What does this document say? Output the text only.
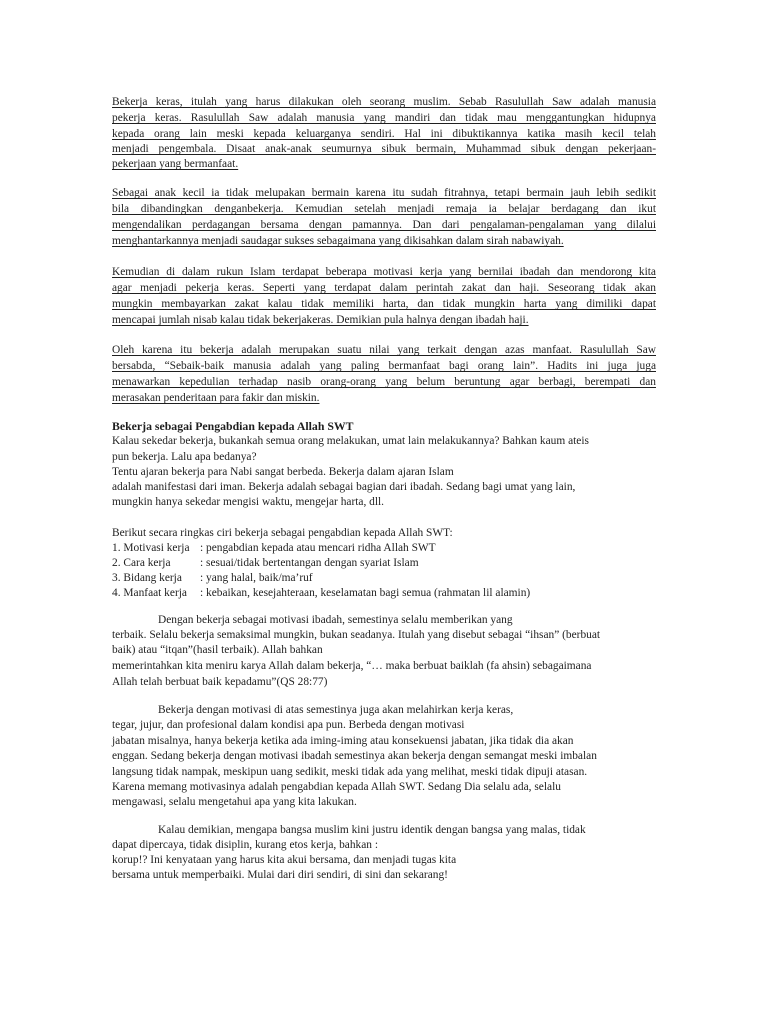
Bekerja keras, itulah yang harus dilakukan oleh seorang muslim. Sebab Rasulullah Saw adalah manusia
pekerja keras. Rasulullah Saw adalah manusia yang mandiri dan tidak mau menggantungkan hidupnya
kepada orang lain meski kepada keluarganya sendiri. Hal ini dibuktikannya katika masih kecil telah
menjadi pengembala. Disaat anak-anak seumurnya sibuk bermain, Muhammad sibuk dengan pekerjaan-
pekerjaan yang bermanfaat.
Sebagai anak kecil ia tidak melupakan bermain karena itu sudah fitrahnya, tetapi bermain jauh lebih sedikit
bila dibandingkan denganbekerja. Kemudian setelah menjadi remaja ia belajar berdagang dan ikut
mengendalikan perdagangan bersama dengan pamannya. Dan dari pengalaman-pengalaman yang dilalui
menghantarkannya menjadi saudagar sukses sebagaimana yang dikisahkan dalam sirah nabawiyah.
Kemudian di dalam rukun Islam terdapat beberapa motivasi kerja yang bernilai ibadah dan mendorong kita
agar menjadi pekerja keras. Seperti yang terdapat dalam perintah zakat dan haji. Seseorang tidak akan
mungkin membayarkan zakat kalau tidak memiliki harta, dan tidak mungkin harta yang dimiliki dapat
mencapai jumlah nisab kalau tidak bekerjakeras. Demikian pula halnya dengan ibadah haji.
Oleh karena itu bekerja adalah merupakan suatu nilai yang terkait dengan azas manfaat. Rasulullah Saw
bersabda, “Sebaik-baik manusia adalah yang paling bermanfaat bagi orang lain”. Hadits ini juga juga
menawarkan kepedulian terhadap nasib orang-orang yang belum beruntung agar berbagi, berempati dan
merasakan penderitaan para fakir dan miskin.
Bekerja sebagai Pengabdian kepada Allah SWT
Kalau sekedar bekerja, bukankah semua orang melakukan, umat lain melakukannya? Bahkan kaum ateis
pun bekerja. Lalu apa bedanya?
Tentu ajaran bekerja para Nabi sangat berbeda. Bekerja dalam ajaran Islam
adalah manifestasi dari iman. Bekerja adalah sebagai bagian dari ibadah. Sedang bagi umat yang lain,
mungkin hanya sekedar mengisi waktu, mengejar harta, dll.
Berikut secara ringkas ciri bekerja sebagai pengabdian kepada Allah SWT:
1. Motivasi kerja : pengabdian kepada atau mencari ridha Allah SWT
2. Cara kerja	: sesuai/tidak bertentangan dengan syariat Islam
3. Bidang kerja : yang halal, baik/ma’ruf
4. Manfaat kerja : kebaikan, kesejahteraan, keselamatan bagi semua (rahmatan lil alamin)
Dengan bekerja sebagai motivasi ibadah, semestinya selalu memberikan yang
terbaik. Selalu bekerja semaksimal mungkin, bukan seadanya. Itulah yang disebut sebagai “ihsan” (berbuat
baik) atau “itqan”(hasil terbaik). Allah bahkan
memerintahkan kita meniru karya Allah dalam bekerja, “… maka berbuat baiklah (fa ahsin) sebagaimana
Allah telah berbuat baik kepadamu”(QS 28:77)
Bekerja dengan motivasi di atas semestinya juga akan melahirkan kerja keras,
tegar, jujur, dan profesional dalam kondisi apa pun. Berbeda dengan motivasi
jabatan misalnya, hanya bekerja ketika ada iming-iming atau konsekuensi jabatan, jika tidak dia akan
enggan. Sedang bekerja dengan motivasi ibadah semestinya akan bekerja dengan semangat meski imbalan
langsung tidak nampak, meskipun uang sedikit, meski tidak ada yang melihat, meski tidak dipuji atasan.
Karena memang motivasinya adalah pengabdian kepada Allah SWT. Sedang Dia selalu ada, selalu
mengawasi, selalu mengetahui apa yang kita lakukan.
Kalau demikian, mengapa bangsa muslim kini justru identik dengan bangsa yang malas, tidak
dapat dipercaya, tidak disiplin, kurang etos kerja, bahkan :
korup!? Ini kenyataan yang harus kita akui bersama, dan menjadi tugas kita
bersama untuk memperbaiki. Mulai dari diri sendiri, di sini dan sekarang!
